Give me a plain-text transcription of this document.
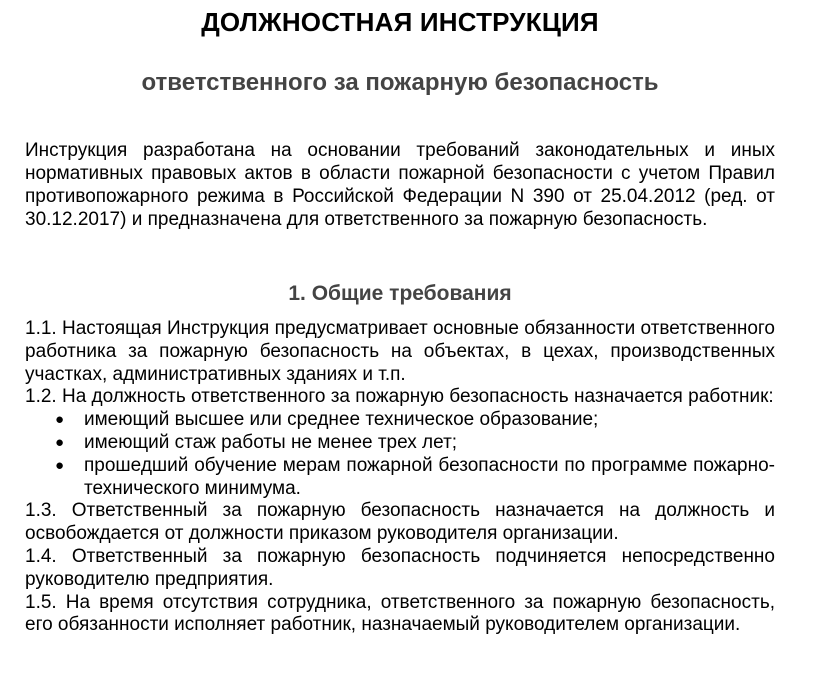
ДОЛЖНОСТНАЯ ИНСТРУКЦИЯ
ответственного за пожарную безопасность

Инструкция разработана на основании требований законодательных и иных нормативных правовых актов в области пожарной безопасности с учетом Правил противопожарного режима в Российской Федерации N 390 от 25.04.2012 (ред. от 30.12.2017) и предназначена для ответственного за пожарную безопасность.

1. Общие требования

1.1. Настоящая Инструкция предусматривает основные обязанности ответственного работника за пожарную безопасность на объектах, в цехах, производственных участках, административных зданиях и т.п.

1.2. На должность ответственного за пожарную безопасность назначается работник:

● имеющий высшее или среднее техническое образование;
● имеющий стаж работы не менее трех лет;
● прошедший обучение мерам пожарной безопасности по программе пожарно-технического минимума.

1.3. Ответственный за пожарную безопасность назначается на должность и освобождается от должности приказом руководителя организации.

1.4. Ответственный за пожарную безопасность подчиняется непосредственно руководителю предприятия.

1.5. На время отсутствия сотрудника, ответственного за пожарную безопасность, его обязанности исполняет работник, назначаемый руководителем организации.
